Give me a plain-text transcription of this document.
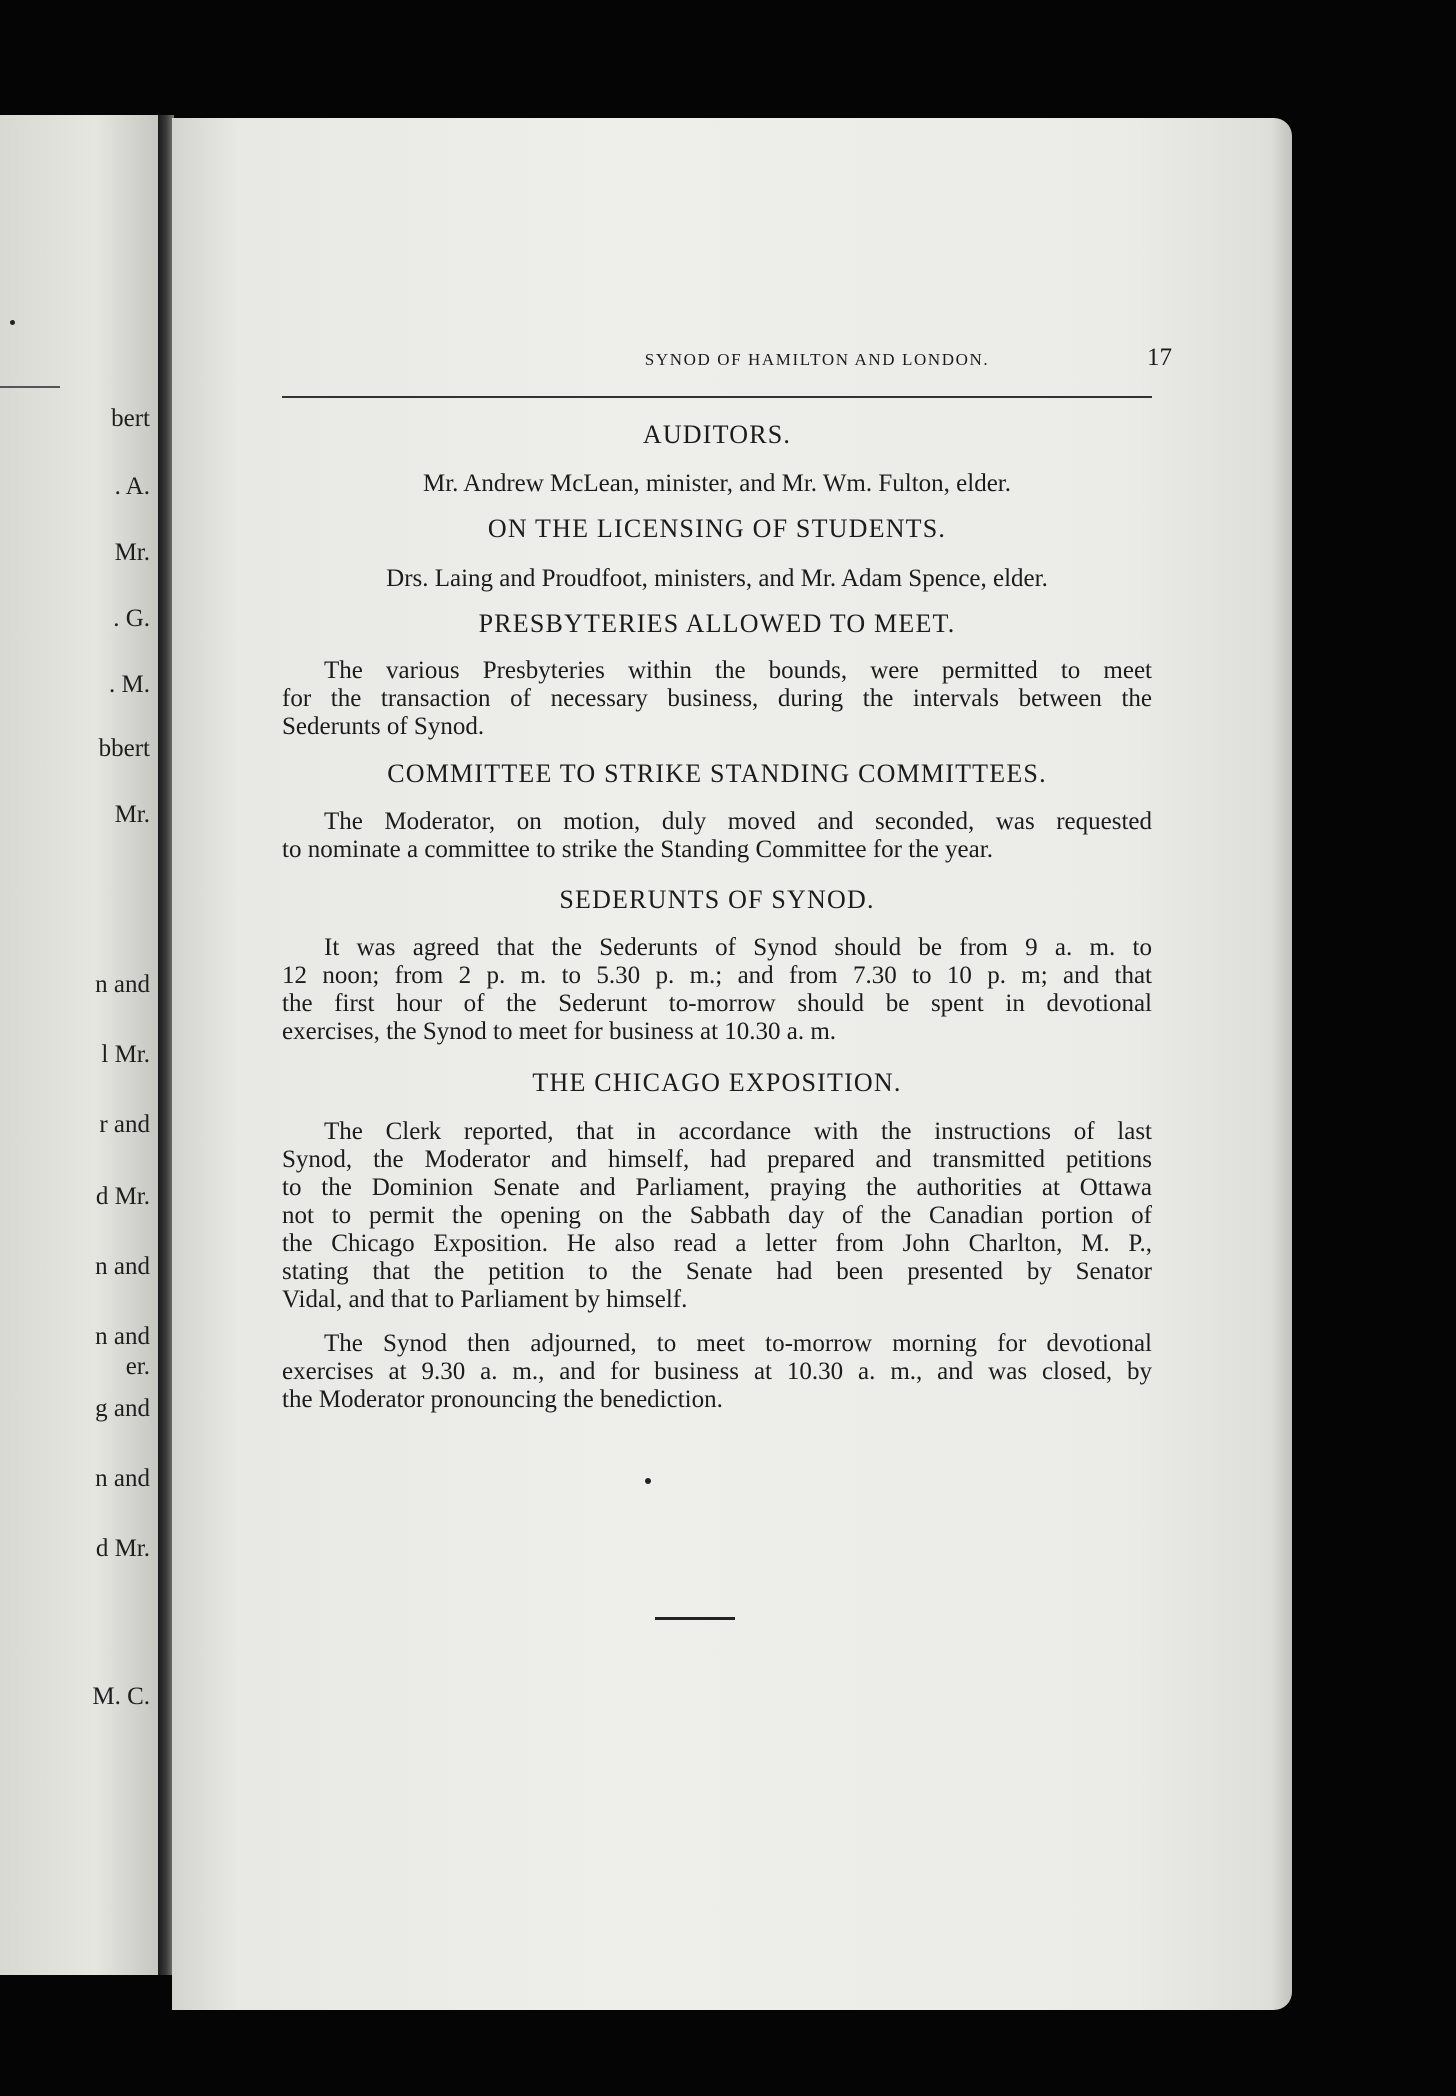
bert
. A.
Mr.
. G.
. M.
bbert
Mr.
n and
l Mr.
r and
d Mr.
n and
n and
er.
g and
n and
d Mr.
M. C.
SYNOD OF HAMILTON AND LONDON.	17
AUDITORS.
Mr. Andrew McLean, minister, and Mr. Wm. Fulton, elder.
ON THE LICENSING OF STUDENTS.
Drs. Laing and Proudfoot, ministers, and Mr. Adam Spence, elder.
PRESBYTERIES ALLOWED TO MEET.
The various Presbyteries within the bounds, were permitted to meet
for the transaction of necessary business, during the intervals between the
Sederunts of Synod.
COMMITTEE TO STRIKE STANDING COMMITTEES.
The Moderator, on motion, duly moved and seconded, was requested
to nominate a committee to strike the Standing Committee for the year.
SEDERUNTS OF SYNOD.
It was agreed that the Sederunts of Synod should be from 9 a. m. to
12 noon; from 2 p. m. to 5.30 p. m.; and from 7.30 to 10 p. m; and that
the first hour of the Sederunt to-morrow should be spent in devotional
exercises, the Synod to meet for business at 10.30 a. m.
THE CHICAGO EXPOSITION.
The Clerk reported, that in accordance with the instructions of last
Synod, the Moderator and himself, had prepared and transmitted petitions
to the Dominion Senate and Parliament, praying the authorities at Ottawa
not to permit the opening on the Sabbath day of the Canadian portion of
the Chicago Exposition. He also read a letter from John Charlton, M. P.,
stating that the petition to the Senate had been presented by Senator
Vidal, and that to Parliament by himself.
The Synod then adjourned, to meet to-morrow morning for devotional
exercises at 9.30 a. m., and for business at 10.30 a. m., and was closed, by
the Moderator pronouncing the benediction.
